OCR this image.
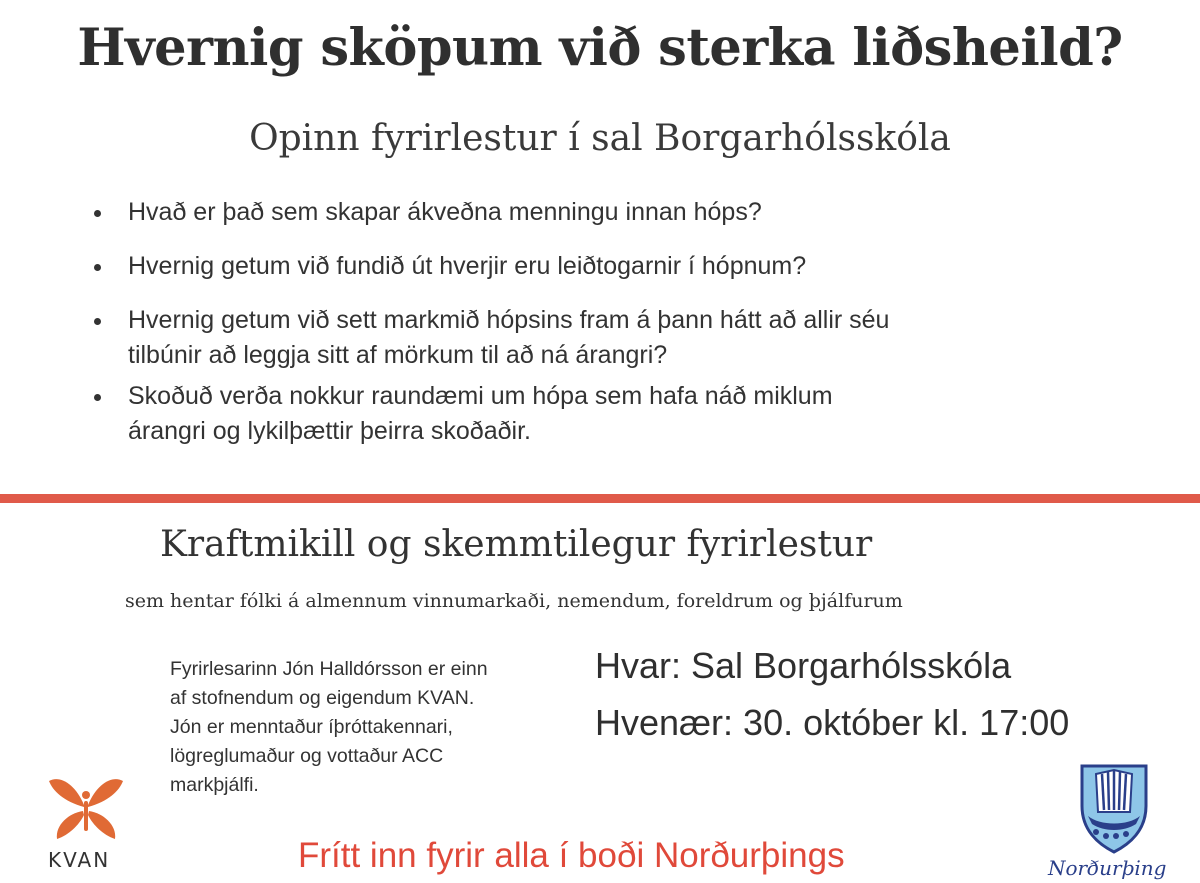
Hvernig sköpum við sterka liðsheild?
Opinn fyrirlestur í sal Borgarhólsskóla
Hvað er það sem skapar ákveðna menningu innan hóps?
Hvernig getum við fundið út hverjir eru leiðtogarnir í hópnum?
Hvernig getum við sett markmið hópsins fram á þann hátt að allir séu
tilbúnir að leggja sitt af mörkum til að ná árangri?
Skoðuð verða nokkur raundæmi um hópa sem hafa náð miklum
árangri og lykilþættir þeirra skoðaðir.
Kraftmikill og skemmtilegur fyrirlestur
sem hentar fólki á almennum vinnumarkaði, nemendum, foreldrum og þjálfurum
Fyrirlesarinn Jón Halldórsson er einn
af stofnendum og eigendum KVAN.
Jón er menntaður íþróttakennari,
lögreglumaður og vottaður ACC
markþjálfi.
Hvar: Sal Borgarhólsskóla
Hvenær: 30. október kl. 17:00
Frítt inn fyrir alla í boði Norðurþings
KVAN	Norðurþing
